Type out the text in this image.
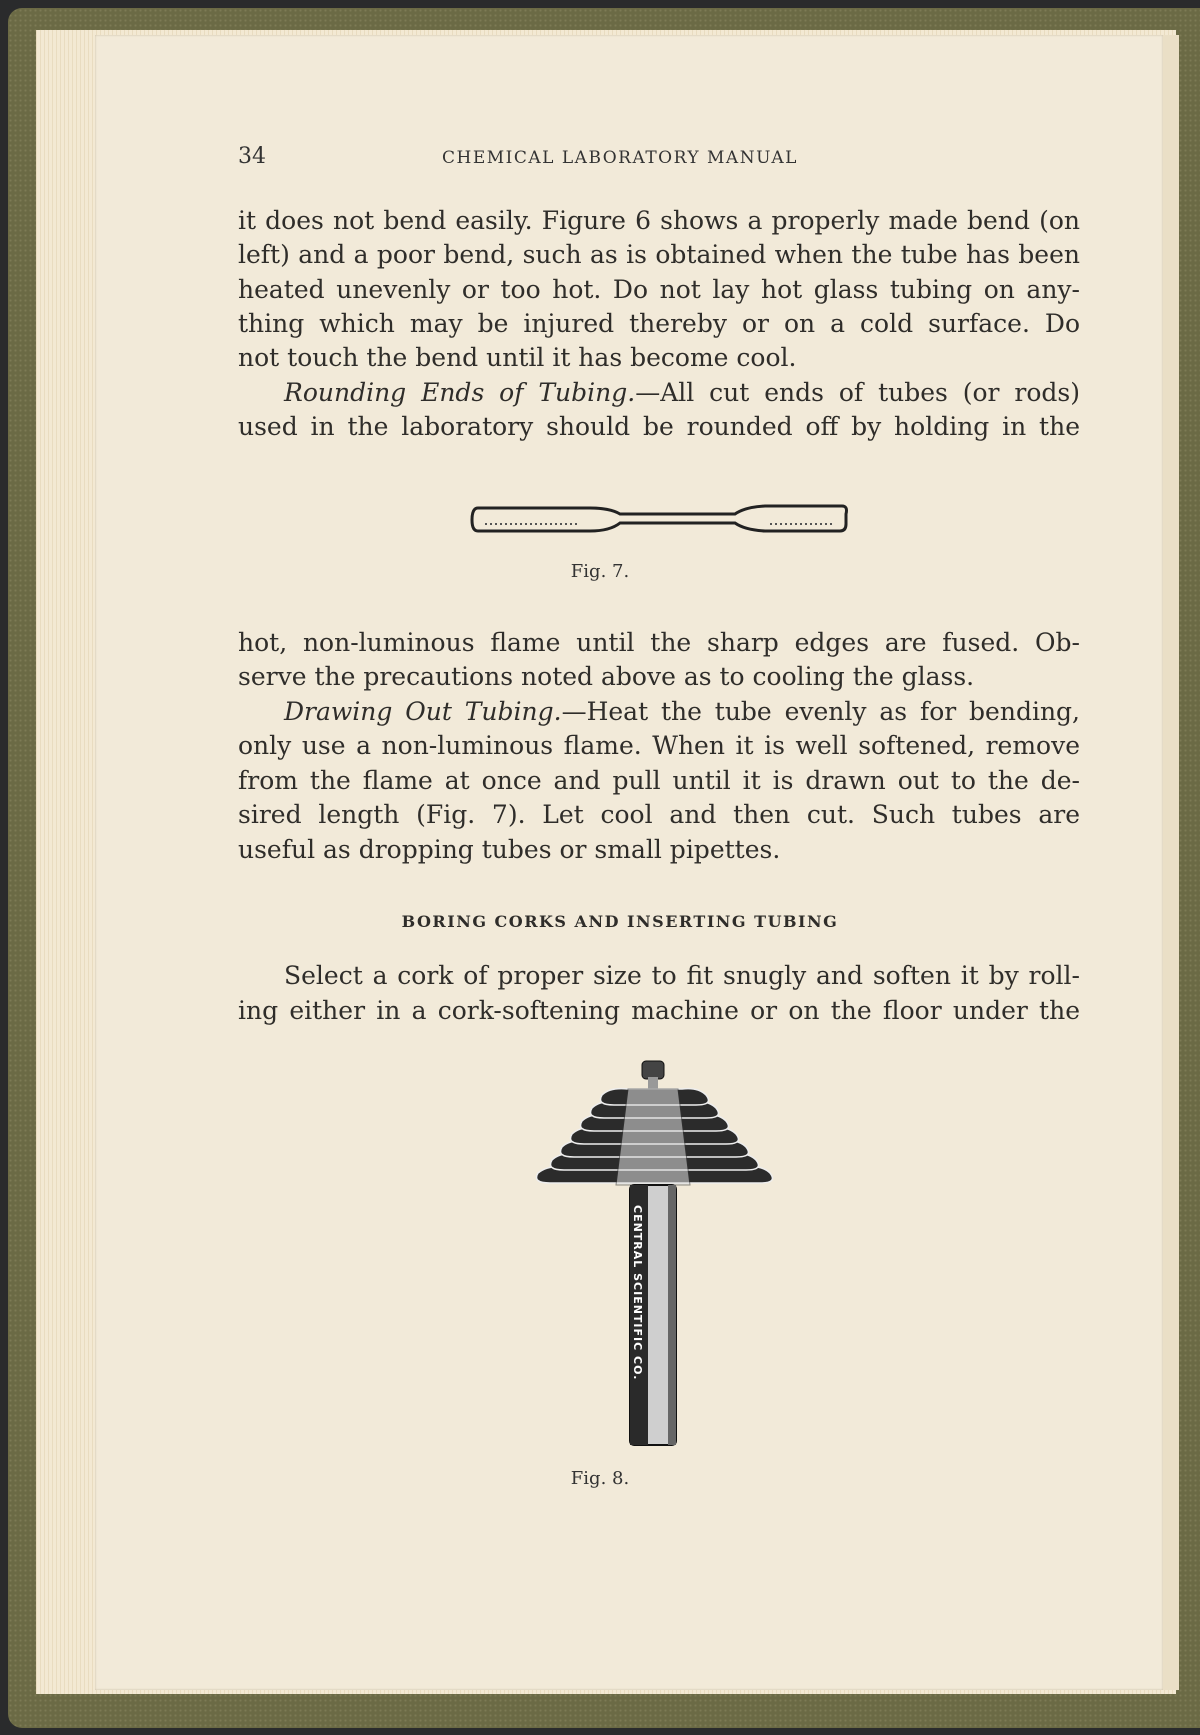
34	CHEMICAL LABORATORY MANUAL
it does not bend easily. Figure 6 shows a properly made bend (on
left) and a poor bend, such as is obtained when the tube has been
heated unevenly or too hot. Do not lay hot glass tubing on any-
thing which may be injured thereby or on a cold surface. Do
not touch the bend until it has become cool.
Rounding Ends of Tubing.—All cut ends of tubes (or rods)
used in the laboratory should be rounded off by holding in the
Fig. 7.
hot, non-luminous flame until the sharp edges are fused. Ob-
serve the precautions noted above as to cooling the glass.
Drawing Out Tubing.—Heat the tube evenly as for bending,
only use a non-luminous flame. When it is well softened, remove
from the flame at once and pull until it is drawn out to the de-
sired length (Fig. 7). Let cool and then cut. Such tubes are
useful as dropping tubes or small pipettes.
BORING CORKS AND INSERTING TUBING
Select a cork of proper size to fit snugly and soften it by roll-
ing either in a cork-softening machine or on the floor under the
CENTRAL SCIENTIFIC CO.
Fig. 8.
